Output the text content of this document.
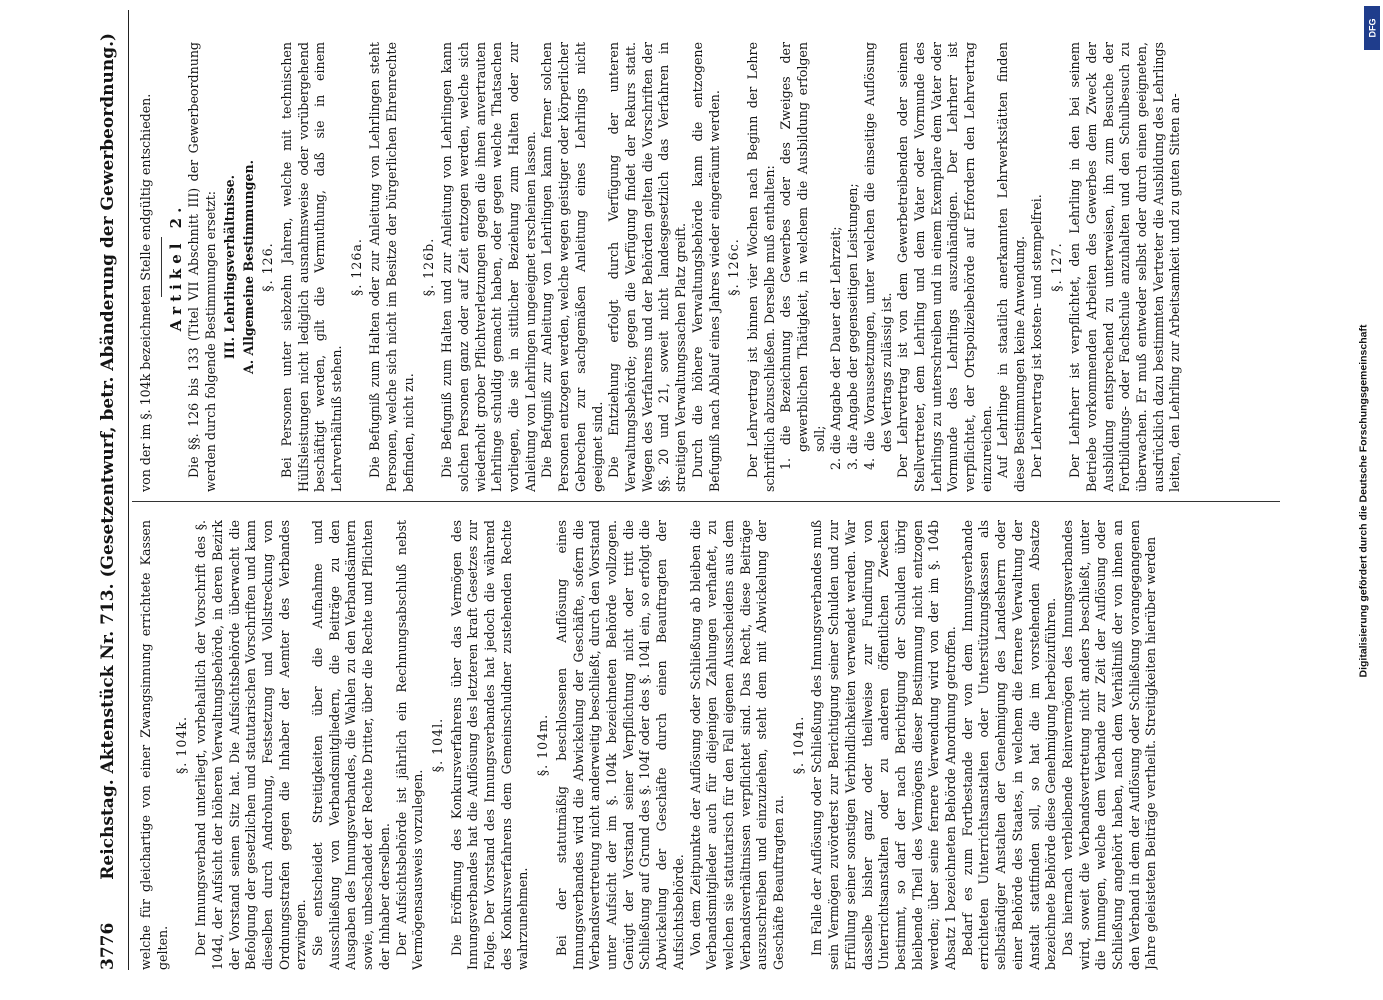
3776
Reichstag. Aktenstück Nr. 713. (Gesetzentwurf, betr. Abänderung der Gewerbeordnung.) welche für gleichartige von einer Zwangsinnung errichtete Kassen gelten.

§. 104k. Der Innungsverband unterliegt, vorbehaltlich der Vorschrift des §. 104d, der Aufsicht der höheren Verwaltungsbehörde, in deren Bezirk der Vorstand seinen Sitz hat. Die Aufsichtsbehörde überwacht die Befolgung der gesetzlichen und statutarischen Vorschriften und kann dieselben durch Androhung, Festsetzung und Vollstreckung von Ordnungsstrafen gegen die Inhaber der Aemter des Verbandes erzwingen. Sie entscheidet Streitigkeiten über die Aufnahme und Ausschließung von Verbandsmitgliedern, die Beiträge zu den Ausgaben des Innungsverbandes, die Wahlen zu den Verbandsämtern sowie, unbeschadet der Rechte Dritter, über die Rechte und Pflichten der Inhaber derselben. Der Aufsichtsbehörde ist jährlich ein Rechnungsabschluß nebst Vermögensausweis vorzulegen.

§. 104l. Die Eröffnung des Konkursverfahrens über das Vermögen des Innungsverbandes hat die Auflösung des letzteren kraft Gesetzes zur Folge. Der Vorstand des Innungsverbandes hat jedoch die während des Konkursverfahrens dem Gemeinschuldner zustehenden Rechte wahrzunehmen.

§. 104m. Bei der statutmäßig beschlossenen Auflösung eines Innungsverbandes wird die Abwickelung der Geschäfte, sofern die Verbandsvertretung nicht anderweitig beschließt, durch den Vorstand unter Aufsicht der im §. 104k bezeichneten Behörde vollzogen. Genügt der Vorstand seiner Verpflichtung nicht oder tritt die Schließung auf Grund des §. 104f oder des §. 104l ein, so erfolgt die Abwickelung der Geschäfte durch einen Beauftragten der Aufsichtsbehörde. Von dem Zeitpunkte der Auflösung oder Schließung ab bleiben die Verbandsmitglieder auch für diejenigen Zahlungen verhaftet, zu welchen sie statutarisch für den Fall eigenen Ausscheidens aus dem Verbandsverhältnissen verpflichtet sind. Das Recht, diese Beiträge auszuschreiben und einzuziehen, steht dem mit Abwickelung der Geschäfte Beauftragten zu.

§. 104n. Im Falle der Auflösung oder Schließung des Innungsverbandes muß sein Vermögen zuvörderst zur Berichtigung seiner Schulden und zur Erfüllung seiner sonstigen Verbindlichkeiten verwendet werden. War dasselbe bisher ganz oder theilweise zur Fundirung von Unterrichtsanstalten oder zu anderen öffentlichen Zwecken bestimmt, so darf der nach Berichtigung der Schulden übrig bleibende Theil des Vermögens dieser Bestimmung nicht entzogen werden; über seine fernere Verwendung wird von der im §. 104b Absatz 1 bezeichneten Behörde Anordnung getroffen. Bedarf es zum Fortbestande der von dem Innungsverbande errichteten Unterrichtsanstalten oder Unterstützungskassen als selbständiger Anstalten der Genehmigung des Landesherrn oder einer Behörde des Staates, in welchem die fernere Verwaltung der Anstalt stattfinden soll, so hat die im vorstehenden Absatze bezeichnete Behörde diese Genehmigung herbeizuführen. Das hiernach verbleibende Reinvermögen des Innungsverbandes wird, soweit die Verbandsvertretung nicht anders beschließt, unter die Innungen, welche dem Verbande zur Zeit der Auflösung oder Schließung angehört haben, nach dem Verhältniß der von ihnen an den Verband in dem der Auflösung oder Schließung vorangegangenen Jahre geleisteten Beiträge vertheilt. Streitigkeiten hierüber werden

von der im §. 104k bezeichneten Stelle endgültig entschieden. Artikel 2. Die §§. 126 bis 133 (Titel VII Abschnitt III) der Gewerbeordnung werden durch folgende Bestimmungen ersetzt: III. Lehrlingsverhältnisse. A. Allgemeine Bestimmungen. §. 126. Bei Personen unter siebzehn Jahren, welche mit technischen Hülfsleistungen nicht lediglich ausnahmsweise oder vorübergehend beschäftigt werden, gilt die Vermuthung, daß sie in einem Lehrverhältniß stehen.

§. 126a. Die Befugniß zum Halten oder zur Anleitung von Lehrlingen steht Personen, welche sich nicht im Besitze der bürgerlichen Ehrenrechte befinden, nicht zu.

§. 126b. Die Befugniß zum Halten und zur Anleitung von Lehrlingen kann solchen Personen ganz oder auf Zeit entzogen werden, welche sich wiederholt grober Pflichtverletzungen gegen die ihnen anvertrauten Lehrlinge schuldig gemacht haben, oder gegen welche Thatsachen vorliegen, die sie in sittlicher Beziehung zum Halten oder zur Anleitung von Lehrlingen ungeeignet erscheinen lassen. Die Befugniß zur Anleitung von Lehrlingen kann ferner solchen Personen entzogen werden, welche wegen geistiger oder körperlicher Gebrechen zur sachgemäßen Anleitung eines Lehrlings nicht geeignet sind. Die Entziehung erfolgt durch Verfügung der unteren Verwaltungsbehörde; gegen die Verfügung findet der Rekurs statt. Wegen des Verfahrens und der Behörden gelten die Vorschriften der §§. 20 und 21, soweit nicht landesgesetzlich das Verfahren in streitigen Verwaltungssachen Platz greift. Durch die höhere Verwaltungsbehörde kann die entzogene Befugniß nach Ablauf eines Jahres wieder eingeräumt werden. §. 126c. Der Lehrvertrag ist binnen vier Wochen nach Beginn der Lehre schriftlich abzuschließen. Derselbe muß enthalten: 1. die Bezeichnung des Gewerbes oder des Zweiges der gewerblichen Thätigkeit, in welchem die Ausbildung erfolgen soll; 2. die Angabe der Dauer der Lehrzeit; 3. die Angabe der gegenseitigen Leistungen; 4. die Voraussetzungen, unter welchen die einseitige Auflösung des Vertrags zulässig ist. Der Lehrvertrag ist von dem Gewerbetreibenden oder seinem Stellvertreter, dem Lehrling und dem Vater oder Vormunde des Lehrlings zu unterschreiben und in einem Exemplare dem Vater oder Vormunde des Lehrlings auszuhändigen. Der Lehrherr ist verpflichtet, der Ortspolizeibehörde auf Erfordern den Lehrvertrag einzureichen. Auf Lehrlinge in staatlich anerkannten Lehrwerkstätten finden diese Bestimmungen keine Anwendung. Der Lehrvertrag ist kosten- und stempelfrei. §. 127. Der Lehrherr ist verpflichtet, den Lehrling in den bei seinem Betriebe vorkommenden Arbeiten des Gewerbes dem Zweck der Ausbildung entsprechend zu unterweisen, ihn zum Besuche der Fortbildungs- oder Fachschule anzuhalten und den Schulbesuch zu überwachen. Er muß entweder selbst oder durch einen geeigneten, ausdrücklich dazu bestimmten Vertreter die Ausbildung des Lehrlings leiten, den Lehrling zur Arbeitsamkeit und zu guten Sitten an-

Digitalisierung gefördert durch die Deutsche Forschungsgemeinschaft
DFG
